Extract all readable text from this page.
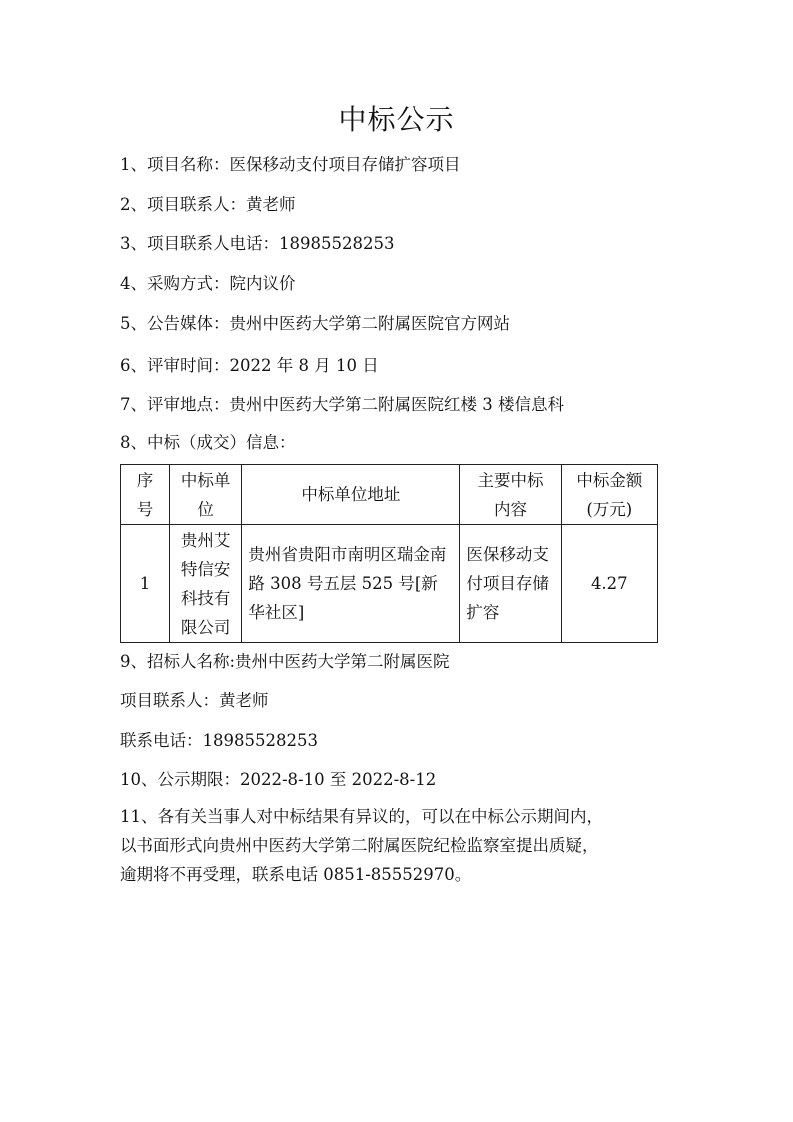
中标公示
1、项目名称：医保移动支付项目存储扩容项目
2、项目联系人：黄老师
3、项目联系人电话：18985528253
4、采购方式：院内议价
5、公告媒体：贵州中医药大学第二附属医院官方网站
6、评审时间：2022 年 8 月 10 日
7、评审地点：贵州中医药大学第二附属医院红楼 3 楼信息科
8、中标（成交）信息：
序号	中标单位	中标单位地址	主要中标内容	中标金额(万元)

1	贵州艾特信安科技有限公司	贵州省贵阳市南明区瑞金南路 308 号五层 525 号[新华社区]	医保移动支付项目存储扩容	4.27
9、招标人名称:贵州中医药大学第二附属医院
项目联系人：黄老师
联系电话：18985528253
10、公示期限：2022-8-10 至 2022-8-12
11、各有关当事人对中标结果有异议的，可以在中标公示期间内，
以书面形式向贵州中医药大学第二附属医院纪检监察室提出质疑，
逾期将不再受理，联系电话 0851-85552970。
